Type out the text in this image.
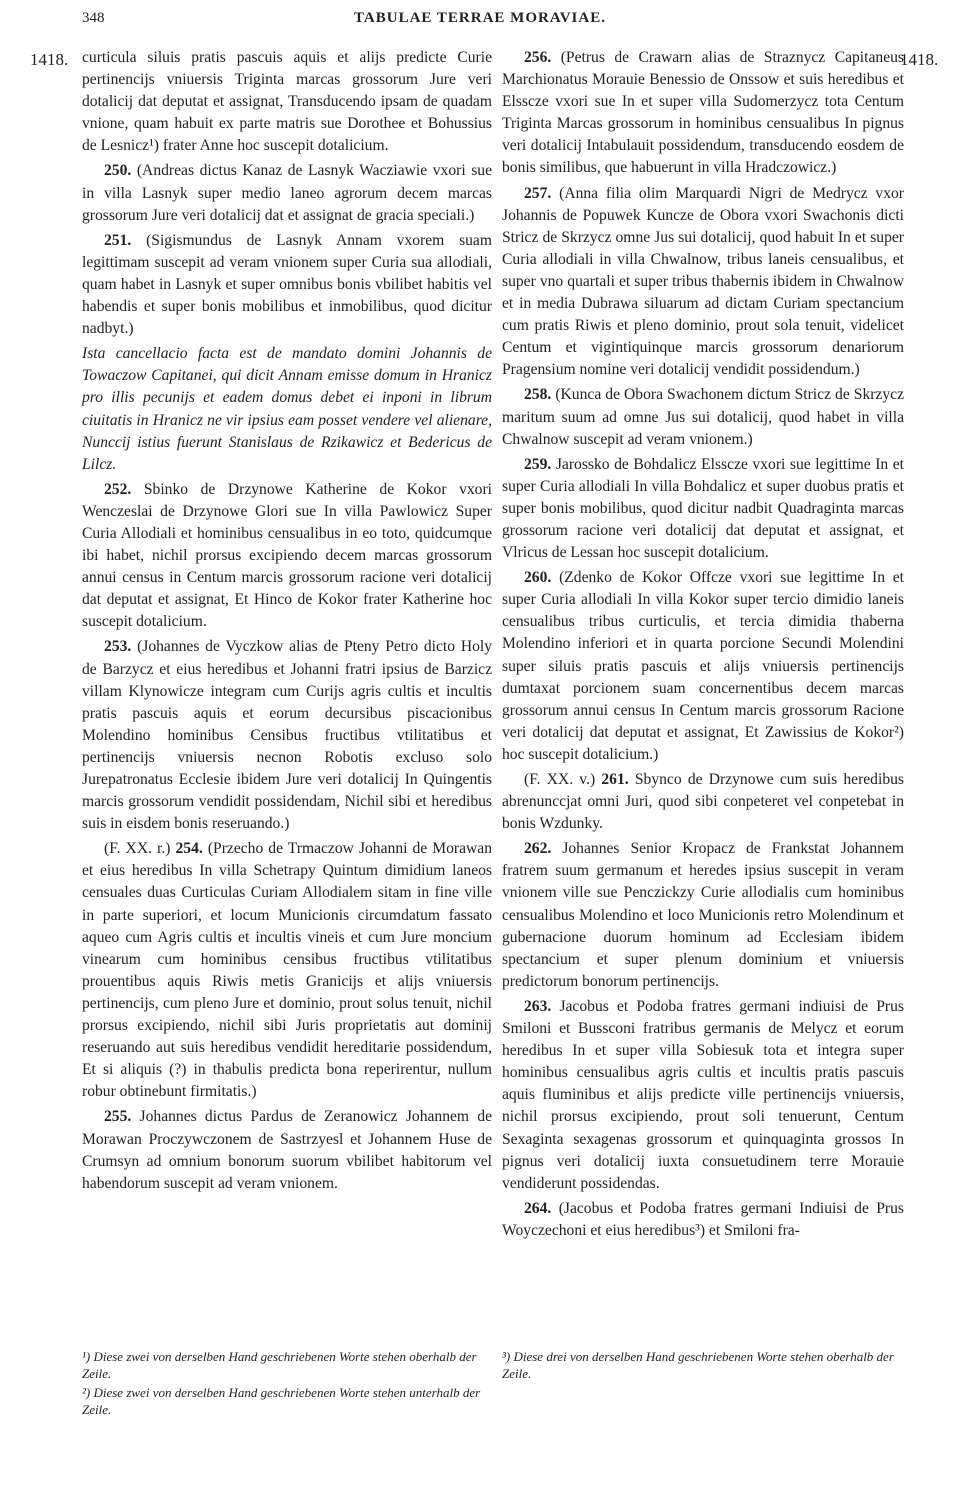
348	TABULAE TERRAE MORAVIAE.
1418.	1418.

curticula siluis pratis pascuis aquis et alijs predicte Curie pertinencijs vniuersis Triginta marcas grossorum Jure veri dotalicij dat deputat et assignat, Transducendo ipsam de quadam vnione, quam habuit ex parte matris sue Dorothee et Bohussius de Lesnicz¹) frater Anne hoc suscepit dotalicium.

250. (Andreas dictus Kanaz de Lasnyk Wacziawie vxori sue in villa Lasnyk super medio laneo agrorum decem marcas grossorum Jure veri dotalicij dat et assignat de gracia speciali.)

251. (Sigismundus de Lasnyk Annam vxorem suam legittimam suscepit ad veram vnionem super Curia sua allodiali, quam habet in Lasnyk et super omnibus bonis vbilibet habitis vel habendis et super bonis mobilibus et inmobilibus, quod dicitur nadbyt.)

Ista cancellacio facta est de mandato domini Johannis de Towaczow Capitanei, qui dicit Annam emisse domum in Hranicz pro illis pecunijs et eadem domus debet ei inponi in librum ciuitatis in Hranicz ne vir ipsius eam posset vendere vel alienare, Nunccij istius fuerunt Stanislaus de Rzikawicz et Bedericus de Lilcz.

252. Sbinko de Drzynowe Katherine de Kokor vxori Wenczeslai de Drzynowe Glori sue In villa Pawlowicz Super Curia Allodiali et hominibus censualibus in eo toto, quidcumque ibi habet, nichil prorsus excipiendo decem marcas grossorum annui census in Centum marcis grossorum racione veri dotalicij dat deputat et assignat, Et Hinco de Kokor frater Katherine hoc suscepit dotalicium.

253. (Johannes de Vyczkow alias de Pteny Petro dicto Holy de Barzycz et eius heredibus et Johanni fratri ipsius de Barzicz villam Klynowicze integram cum Curijs agris cultis et incultis pratis pascuis aquis et eorum decursibus piscacionibus Molendino hominibus Censibus fructibus vtilitatibus et pertinencijs vniuersis necnon Robotis excluso solo Jurepatronatus Ecclesie ibidem Jure veri dotalicij In Quingentis marcis grossorum vendidit possidendam, Nichil sibi et heredibus suis in eisdem bonis reseruando.)

(F. XX. r.) 254. (Przecho de Trmaczow Johanni de Morawan et eius heredibus In villa Schetrapy Quintum dimidium laneos censuales duas Curticulas Curiam Allodialem sitam in fine ville in parte superiori, et locum Municionis circumdatum fassato aqueo cum Agris cultis et incultis vineis et cum Jure moncium vinearum cum hominibus censibus fructibus vtilitatibus prouentibus aquis Riwis metis Granicijs et alijs vniuersis pertinencijs, cum pleno Jure et dominio, prout solus tenuit, nichil prorsus excipiendo, nichil sibi Juris proprietatis aut dominij reseruando aut suis heredibus vendidit hereditarie possidendum, Et si aliquis (?) in thabulis predicta bona reperirentur, nullum robur obtinebunt firmitatis.)

255. Johannes dictus Pardus de Zeranowicz Johannem de Morawan Proczywczonem de Sastrzyesl et Johannem Huse de Crumsyn ad omnium bonorum suorum vbilibet habitorum vel habendorum suscepit ad veram vnionem.

256. (Petrus de Crawarn alias de Straznycz Capitaneus Marchionatus Morauie Benessio de Onssow et suis heredibus et Elsscze vxori sue In et super villa Sudomerzycz tota Centum Triginta Marcas grossorum in hominibus censualibus In pignus veri dotalicij Intabulauit possidendum, transducendo eosdem de bonis similibus, que habuerunt in villa Hradczowicz.)

257. (Anna filia olim Marquardi Nigri de Medrycz vxor Johannis de Popuwek Kuncze de Obora vxori Swachonis dicti Stricz de Skrzycz omne Jus sui dotalicij, quod habuit In et super Curia allodiali in villa Chwalnow, tribus laneis censualibus, et super vno quartali et super tribus thabernis ibidem in Chwalnow et in media Dubrawa siluarum ad dictam Curiam spectancium cum pratis Riwis et pleno dominio, prout sola tenuit, videlicet Centum et vigintiquinque marcis grossorum denariorum Pragensium nomine veri dotalicij vendidit possidendum.)

258. (Kunca de Obora Swachonem dictum Stricz de Skrzycz maritum suum ad omne Jus sui dotalicij, quod habet in villa Chwalnow suscepit ad veram vnionem.)

259. Jarossko de Bohdalicz Elsscze vxori sue legittime In et super Curia allodiali In villa Bohdalicz et super duobus pratis et super bonis mobilibus, quod dicitur nadbit Quadraginta marcas grossorum racione veri dotalicij dat deputat et assignat, et Vlricus de Lessan hoc suscepit dotalicium.

260. (Zdenko de Kokor Offcze vxori sue legittime In et super Curia allodiali In villa Kokor super tercio dimidio laneis censualibus tribus curticulis, et tercia dimidia thaberna Molendino inferiori et in quarta porcione Secundi Molendini super siluis pratis pascuis et alijs vniuersis pertinencijs dumtaxat porcionem suam concernentibus decem marcas grossorum annui census In Centum marcis grossorum Racione veri dotalicij dat deputat et assignat, Et Zawissius de Kokor²) hoc suscepit dotalicium.)

(F. XX. v.) 261. Sbynco de Drzynowe cum suis heredibus abrenunccjat omni Juri, quod sibi conpeteret vel conpetebat in bonis Wzdunky.

262. Johannes Senior Kropacz de Frankstat Johannem fratrem suum germanum et heredes ipsius suscepit in veram vnionem ville sue Penczickzy Curie allodialis cum hominibus censualibus Molendino et loco Municionis retro Molendinum et gubernacione duorum hominum ad Ecclesiam ibidem spectancium et super plenum dominium et vniuersis predictorum bonorum pertinencijs.

263. Jacobus et Podoba fratres germani indiuisi de Prus Smiloni et Bussconi fratribus germanis de Melycz et eorum heredibus In et super villa Sobiesuk tota et integra super hominibus censualibus agris cultis et incultis pratis pascuis aquis fluminibus et alijs predicte ville pertinencijs vniuersis, nichil prorsus excipiendo, prout soli tenuerunt, Centum Sexaginta sexagenas grossorum et quinquaginta grossos In pignus veri dotalicij iuxta consuetudinem terre Morauie vendiderunt possidendas.

264. (Jacobus et Podoba fratres germani Indiuisi de Prus Woyczechoni et eius heredibus³) et Smiloni fra-

¹) Diese zwei von derselben Hand geschriebenen Worte stehen oberhalb der Zeile.
²) Diese zwei von derselben Hand geschriebenen Worte stehen unterhalb der Zeile.
³) Diese drei von derselben Hand geschriebenen Worte stehen oberhalb der Zeile.
